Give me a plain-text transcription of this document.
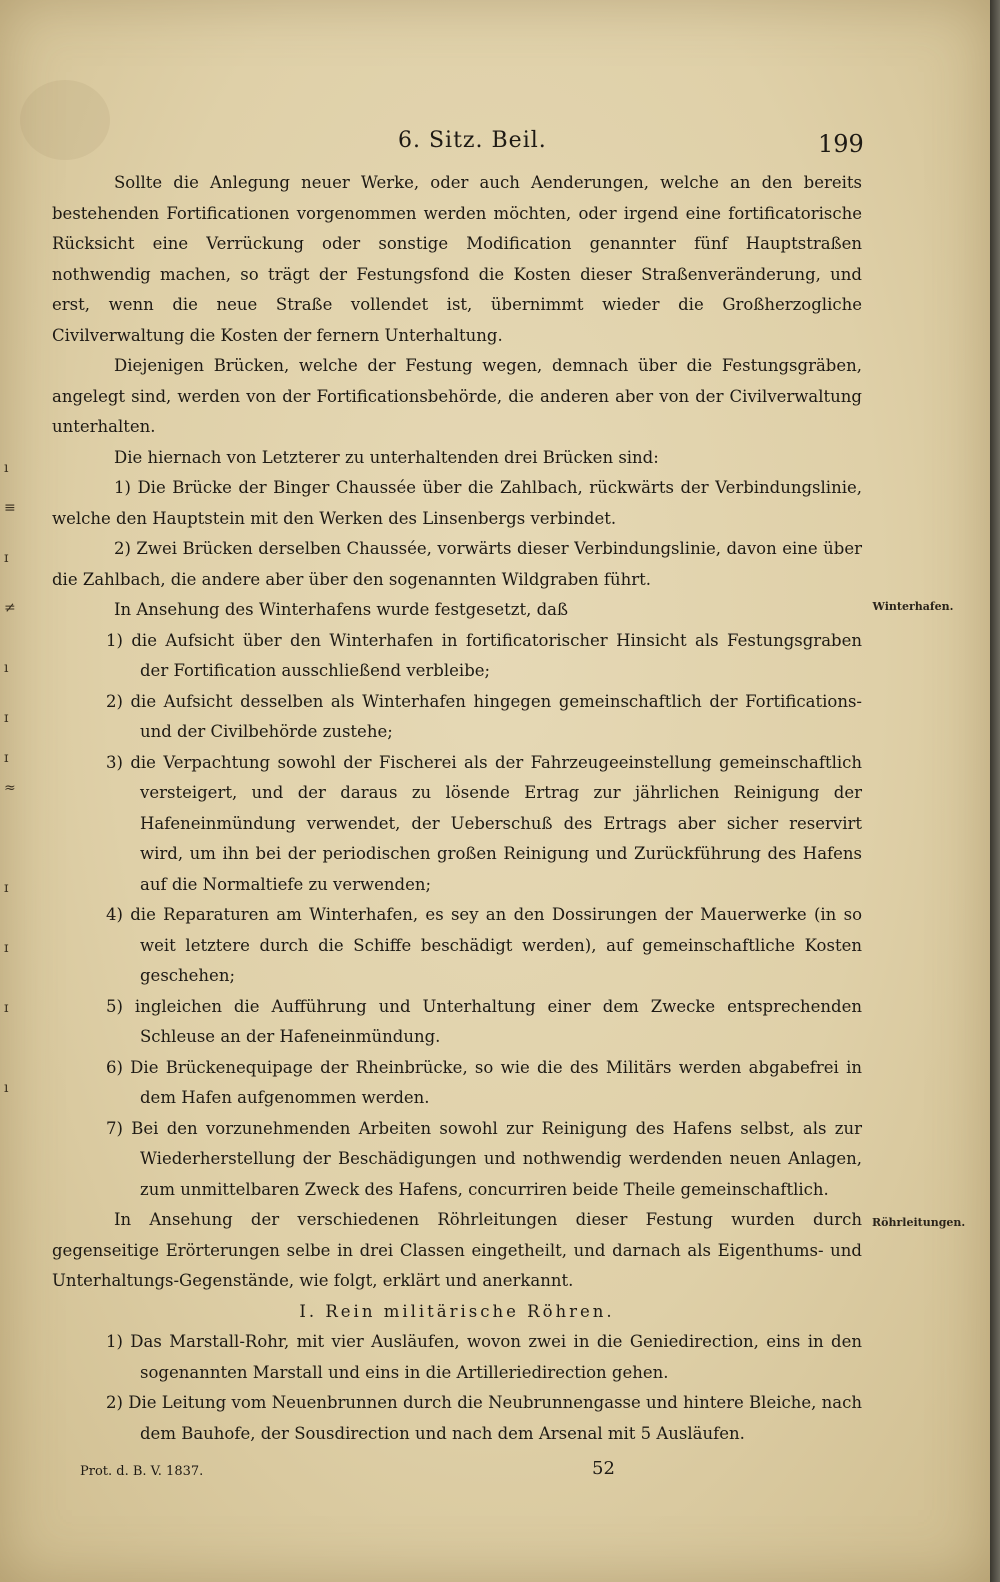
6. Sitz. Beil.	199

Sollte die Anlegung neuer Werke, oder auch Aenderungen, welche an den bereits bestehenden Fortificationen vorgenommen werden möchten, oder irgend eine fortificatorische Rücksicht eine Verrückung oder sonstige Modification genannter fünf Hauptstraßen nothwendig machen, so trägt der Festungsfond die Kosten dieser Straßenveränderung, und erst, wenn die neue Straße vollendet ist, übernimmt wieder die Großherzogliche Civilverwaltung die Kosten der fernern Unterhaltung.

Diejenigen Brücken, welche der Festung wegen, demnach über die Festungsgräben, angelegt sind, werden von der Fortificationsbehörde, die anderen aber von der Civilverwaltung unterhalten.

Die hiernach von Letzterer zu unterhaltenden drei Brücken sind:

1) Die Brücke der Binger Chaussée über die Zahlbach, rückwärts der Verbindungslinie, welche den Hauptstein mit den Werken des Linsenbergs verbindet.

2) Zwei Brücken derselben Chaussée, vorwärts dieser Verbindungslinie, davon eine über die Zahlbach, die andere aber über den sogenannten Wildgraben führt.

In Ansehung des Winterhafens wurde festgesetzt, daß

1) die Aufsicht über den Winterhafen in fortificatorischer Hinsicht als Festungsgraben der Fortification ausschließend verbleibe;

2) die Aufsicht desselben als Winterhafen hingegen gemeinschaftlich der Fortifications- und der Civilbehörde zustehe;

3) die Verpachtung sowohl der Fischerei als der Fahrzeugeeinstellung gemeinschaftlich versteigert, und der daraus zu lösende Ertrag zur jährlichen Reinigung der Hafeneinmündung verwendet, der Ueberschuß des Ertrags aber sicher reservirt wird, um ihn bei der periodischen großen Reinigung und Zurückführung des Hafens auf die Normaltiefe zu verwenden;

4) die Reparaturen am Winterhafen, es sey an den Dossirungen der Mauerwerke (in so weit letztere durch die Schiffe beschädigt werden), auf gemeinschaftliche Kosten geschehen;

5) ingleichen die Aufführung und Unterhaltung einer dem Zwecke entsprechenden Schleuse an der Hafeneinmündung.

6) Die Brückenequipage der Rheinbrücke, so wie die des Militärs werden abgabefrei in dem Hafen aufgenommen werden.

7) Bei den vorzunehmenden Arbeiten sowohl zur Reinigung des Hafens selbst, als zur Wiederherstellung der Beschädigungen und nothwendig werdenden neuen Anlagen, zum unmittelbaren Zweck des Hafens, concurriren beide Theile gemeinschaftlich.

In Ansehung der verschiedenen Röhrleitungen dieser Festung wurden durch gegenseitige Erörterungen selbe in drei Classen eingetheilt, und darnach als Eigenthums- und Unterhaltungs-Gegenstände, wie folgt, erklärt und anerkannt.

I. Rein militärische Röhren.

1) Das Marstall-Rohr, mit vier Ausläufen, wovon zwei in die Geniedirection, eins in den sogenannten Marstall und eins in die Artilleriedirection gehen.

2) Die Leitung vom Neuenbrunnen durch die Neubrunnengasse und hintere Bleiche, nach dem Bauhofe, der Sousdirection und nach dem Arsenal mit 5 Ausläufen.

Winterhafen.
Röhrleitungen.
ı
≡
ɪ
≠
ı
ɪ
ɪ
≈
ɪ
ɪ
ɪ
ı
Prot. d. B. V. 1837.	52
